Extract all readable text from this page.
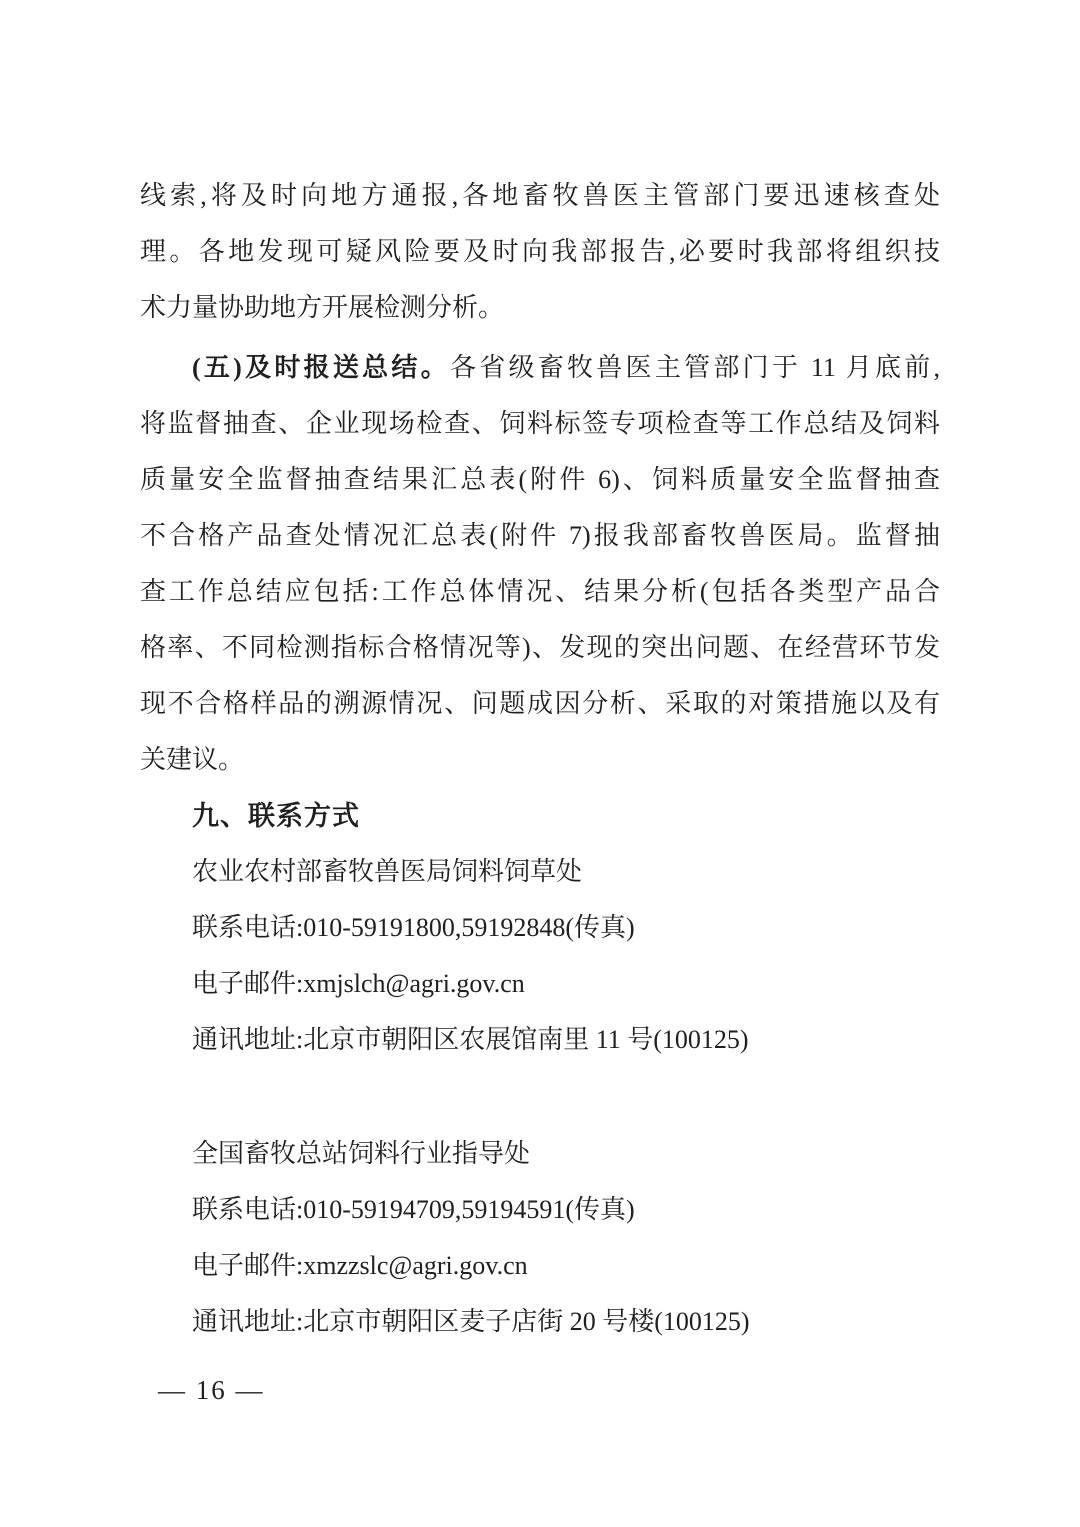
线索,将及时向地方通报,各地畜牧兽医主管部门要迅速核查处
理。各地发现可疑风险要及时向我部报告,必要时我部将组织技
术力量协助地方开展检测分析。
(五)及时报送总结。各省级畜牧兽医主管部门于 11 月底前,
将监督抽查、企业现场检查、饲料标签专项检查等工作总结及饲料
质量安全监督抽查结果汇总表(附件 6)、饲料质量安全监督抽查
不合格产品查处情况汇总表(附件 7)报我部畜牧兽医局。监督抽
查工作总结应包括:工作总体情况、结果分析(包括各类型产品合
格率、不同检测指标合格情况等)、发现的突出问题、在经营环节发
现不合格样品的溯源情况、问题成因分析、采取的对策措施以及有
关建议。
九、联系方式
农业农村部畜牧兽医局饲料饲草处
联系电话:010-59191800,59192848(传真)
电子邮件:xmjslch@agri.gov.cn
通讯地址:北京市朝阳区农展馆南里 11 号(100125)
全国畜牧总站饲料行业指导处
联系电话:010-59194709,59194591(传真)
电子邮件:xmzzslc@agri.gov.cn
通讯地址:北京市朝阳区麦子店街 20 号楼(100125)
— 16 —
